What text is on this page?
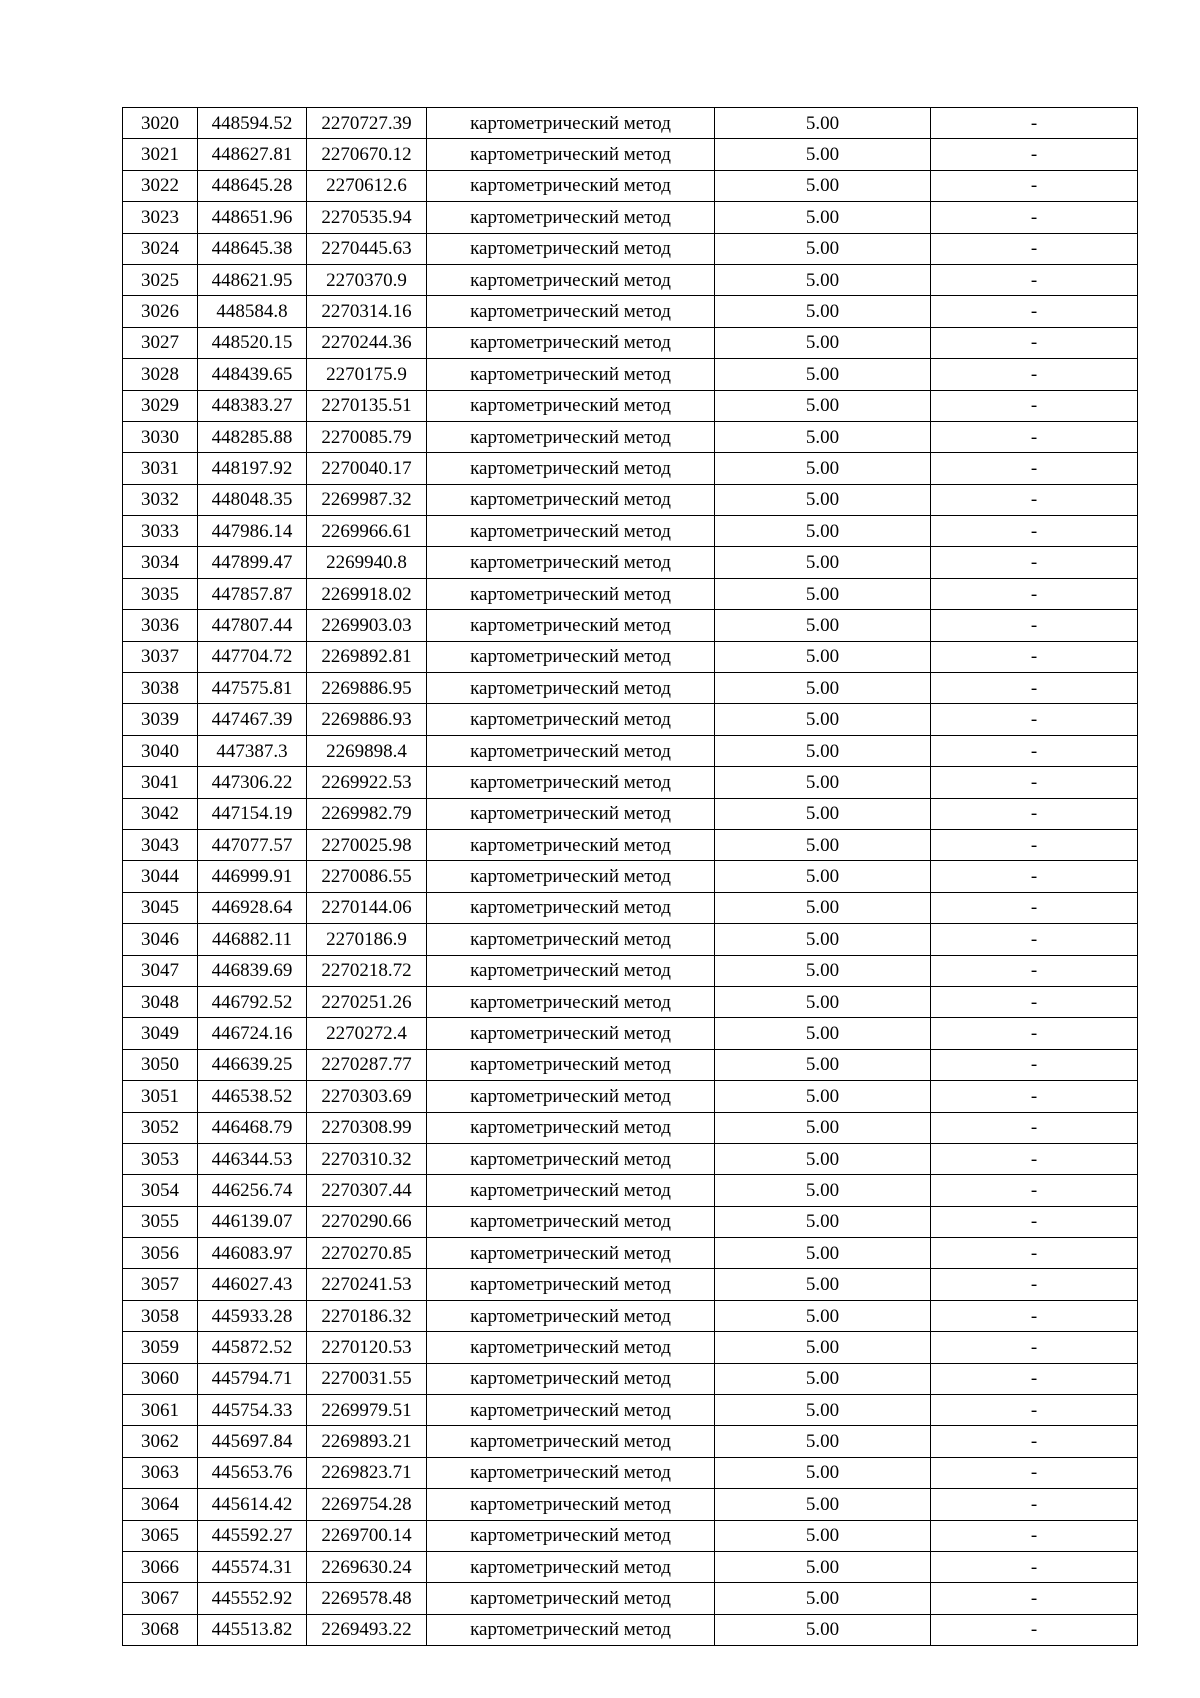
3020	448594.52	2270727.39	картометрический метод	5.00	-
3021	448627.81	2270670.12	картометрический метод	5.00	-
3022	448645.28	2270612.6	картометрический метод	5.00	-
3023	448651.96	2270535.94	картометрический метод	5.00	-
3024	448645.38	2270445.63	картометрический метод	5.00	-
3025	448621.95	2270370.9	картометрический метод	5.00	-
3026	448584.8	2270314.16	картометрический метод	5.00	-
3027	448520.15	2270244.36	картометрический метод	5.00	-
3028	448439.65	2270175.9	картометрический метод	5.00	-
3029	448383.27	2270135.51	картометрический метод	5.00	-
3030	448285.88	2270085.79	картометрический метод	5.00	-
3031	448197.92	2270040.17	картометрический метод	5.00	-
3032	448048.35	2269987.32	картометрический метод	5.00	-
3033	447986.14	2269966.61	картометрический метод	5.00	-
3034	447899.47	2269940.8	картометрический метод	5.00	-
3035	447857.87	2269918.02	картометрический метод	5.00	-
3036	447807.44	2269903.03	картометрический метод	5.00	-
3037	447704.72	2269892.81	картометрический метод	5.00	-
3038	447575.81	2269886.95	картометрический метод	5.00	-
3039	447467.39	2269886.93	картометрический метод	5.00	-
3040	447387.3	2269898.4	картометрический метод	5.00	-
3041	447306.22	2269922.53	картометрический метод	5.00	-
3042	447154.19	2269982.79	картометрический метод	5.00	-
3043	447077.57	2270025.98	картометрический метод	5.00	-
3044	446999.91	2270086.55	картометрический метод	5.00	-
3045	446928.64	2270144.06	картометрический метод	5.00	-
3046	446882.11	2270186.9	картометрический метод	5.00	-
3047	446839.69	2270218.72	картометрический метод	5.00	-
3048	446792.52	2270251.26	картометрический метод	5.00	-
3049	446724.16	2270272.4	картометрический метод	5.00	-
3050	446639.25	2270287.77	картометрический метод	5.00	-
3051	446538.52	2270303.69	картометрический метод	5.00	-
3052	446468.79	2270308.99	картометрический метод	5.00	-
3053	446344.53	2270310.32	картометрический метод	5.00	-
3054	446256.74	2270307.44	картометрический метод	5.00	-
3055	446139.07	2270290.66	картометрический метод	5.00	-
3056	446083.97	2270270.85	картометрический метод	5.00	-
3057	446027.43	2270241.53	картометрический метод	5.00	-
3058	445933.28	2270186.32	картометрический метод	5.00	-
3059	445872.52	2270120.53	картометрический метод	5.00	-
3060	445794.71	2270031.55	картометрический метод	5.00	-
3061	445754.33	2269979.51	картометрический метод	5.00	-
3062	445697.84	2269893.21	картометрический метод	5.00	-
3063	445653.76	2269823.71	картометрический метод	5.00	-
3064	445614.42	2269754.28	картометрический метод	5.00	-
3065	445592.27	2269700.14	картометрический метод	5.00	-
3066	445574.31	2269630.24	картометрический метод	5.00	-
3067	445552.92	2269578.48	картометрический метод	5.00	-
3068	445513.82	2269493.22	картометрический метод	5.00	-
